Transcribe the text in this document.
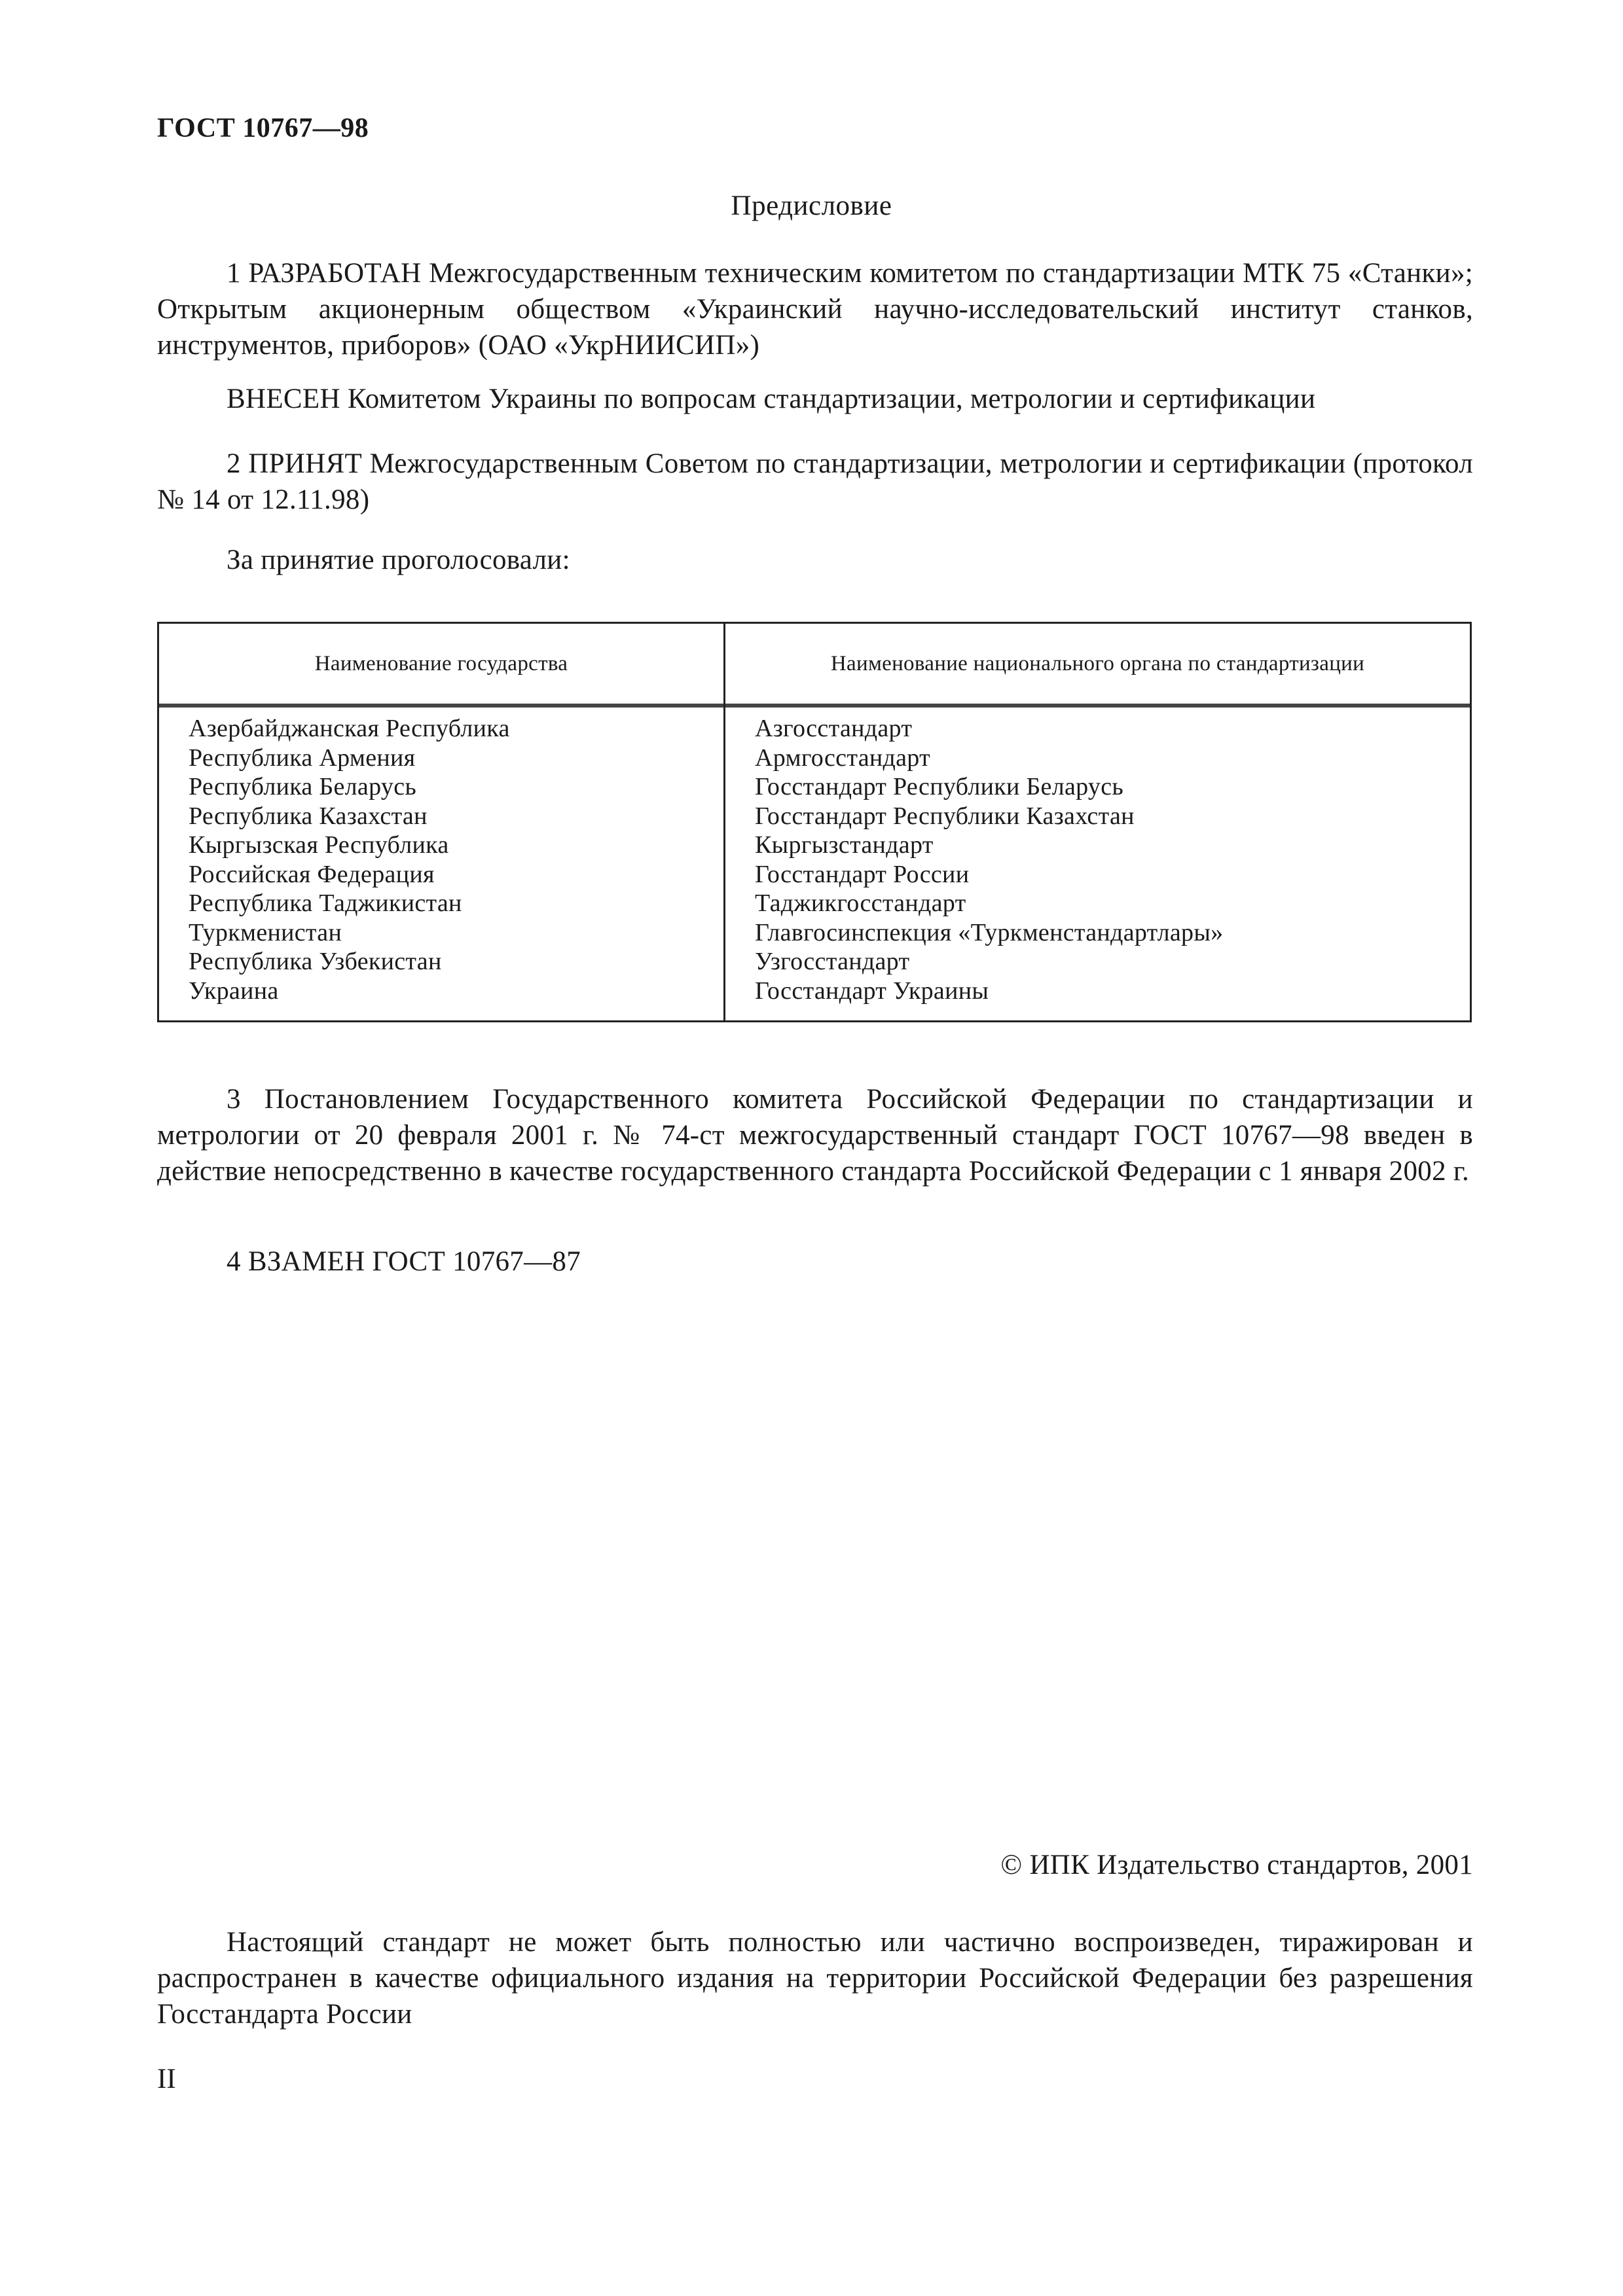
ГОСТ 10767—98
Предисловие
1 РАЗРАБОТАН Межгосударственным техническим комитетом по стандартизации МТК 75 «Станки»; Открытым акционерным обществом «Украинский научно-исследовательский институт станков, инструментов, приборов» (ОАО «УкрНИИСИП»)
ВНЕСЕН Комитетом Украины по вопросам стандартизации, метрологии и сертификации
2 ПРИНЯТ Межгосударственным Советом по стандартизации, метрологии и сертификации (протокол № 14 от 12.11.98)
За принятие проголосовали:
Наименование государства	Наименование национального органа по стандартизации
Азербайджанская Республика	Азгосстандарт
Республика Армения	Армгосстандарт
Республика Беларусь	Госстандарт Республики Беларусь
Республика Казахстан	Госстандарт Республики Казахстан
Кыргызская Республика	Кыргызстандарт
Российская Федерация	Госстандарт России
Республика Таджикистан	Таджикгосстандарт
Туркменистан	Главгосинспекция «Туркменстандартлары»
Республика Узбекистан	Узгосстандарт
Украина	Госстандарт Украины
3 Постановлением Государственного комитета Российской Федерации по стандартизации и метрологии от 20 февраля 2001 г. № 74-ст межгосударственный стандарт ГОСТ 10767—98 введен в действие непосредственно в качестве государственного стандарта Российской Федерации с 1 января 2002 г.
4 ВЗАМЕН ГОСТ 10767—87
© ИПК Издательство стандартов, 2001
Настоящий стандарт не может быть полностью или частично воспроизведен, тиражирован и распространен в качестве официального издания на территории Российской Федерации без разрешения Госстандарта России
II
